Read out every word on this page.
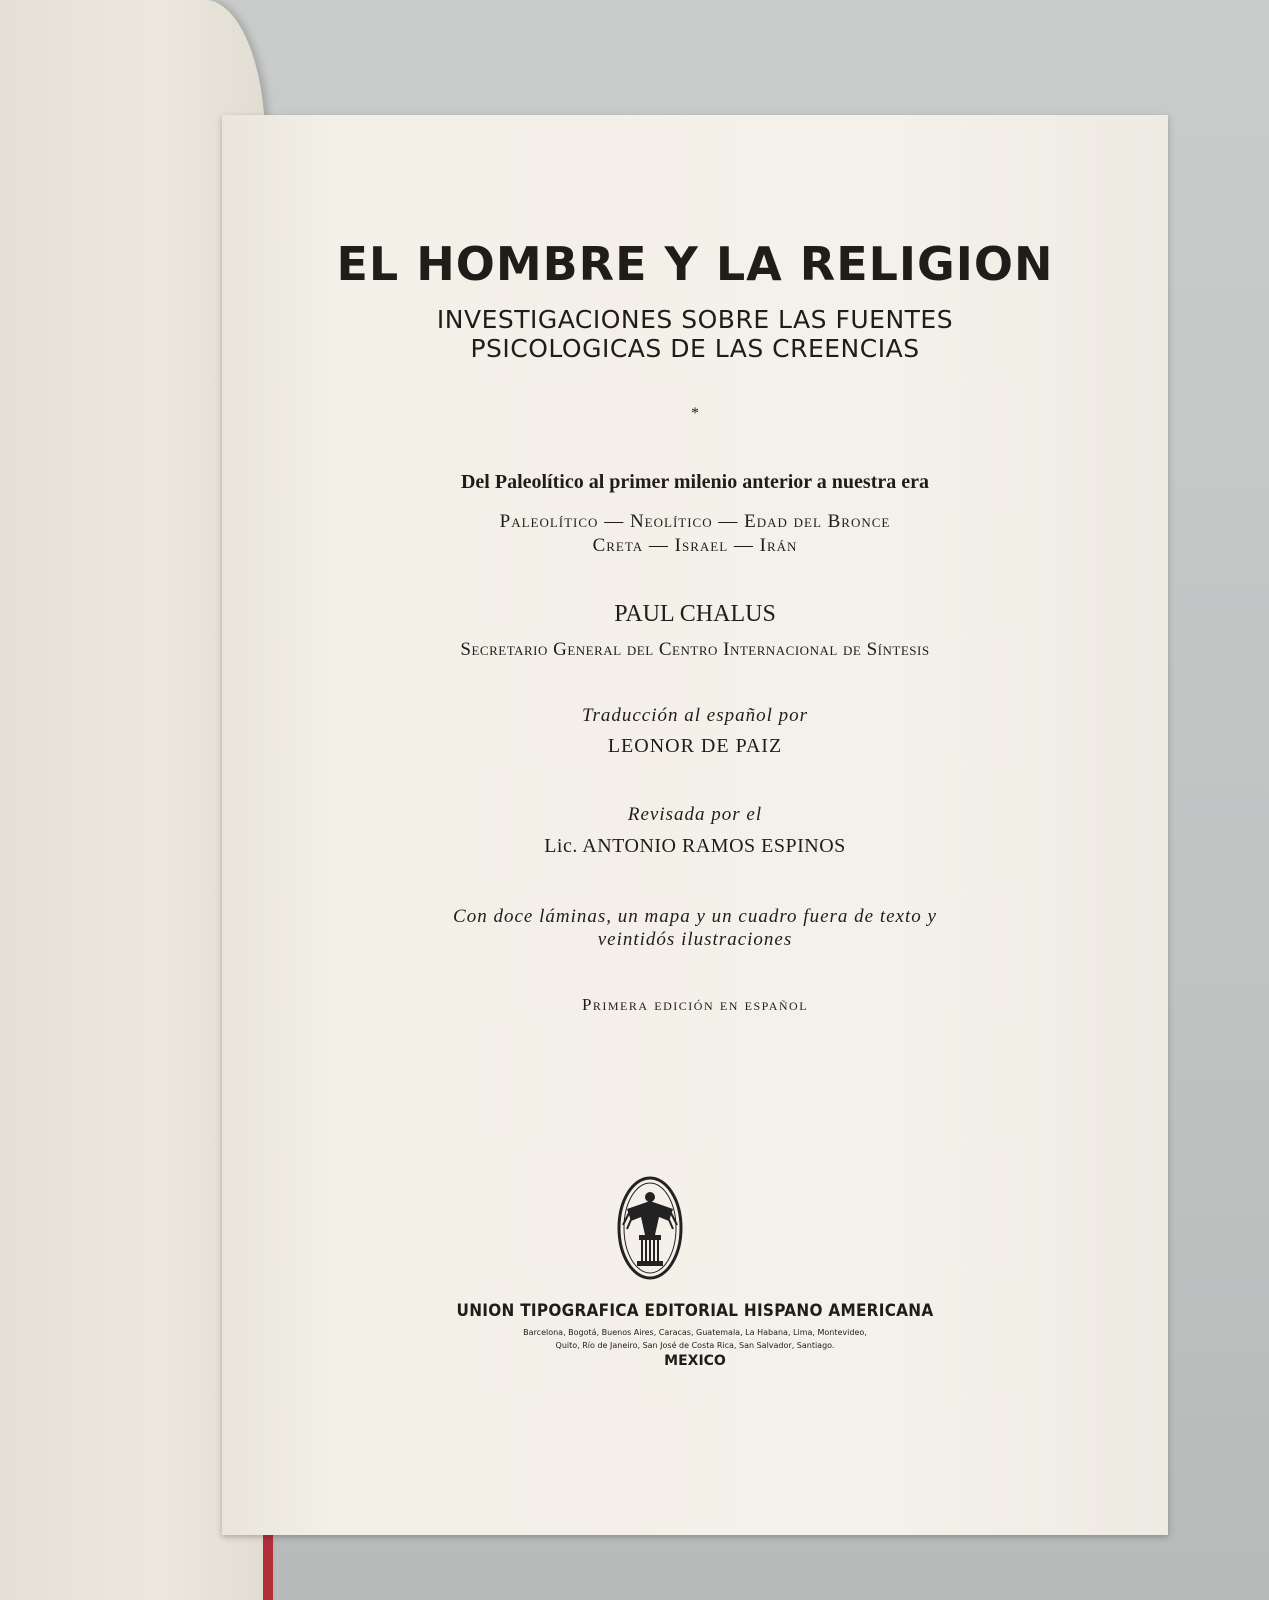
EL HOMBRE Y LA RELIGION
INVESTIGACIONES SOBRE LAS FUENTES
PSICOLOGICAS DE LAS CREENCIAS
*
Del Paleolítico al primer milenio anterior a nuestra era
Paleolítico — Neolítico — Edad del Bronce
Creta — Israel — Irán
PAUL CHALUS
Secretario General del Centro Internacional de Síntesis
Traducción al español por
LEONOR DE PAIZ
Revisada por el
Lic. ANTONIO RAMOS ESPINOS
Con doce láminas, un mapa y un cuadro fuera de texto y
veintidós ilustraciones
Primera edición en español
UNION TIPOGRAFICA EDITORIAL HISPANO AMERICANA
Barcelona, Bogotá, Buenos Aires, Caracas, Guatemala, La Habana, Lima, Montevideo,
Quito, Río de Janeiro, San José de Costa Rica, San Salvador, Santiago.
MEXICO
